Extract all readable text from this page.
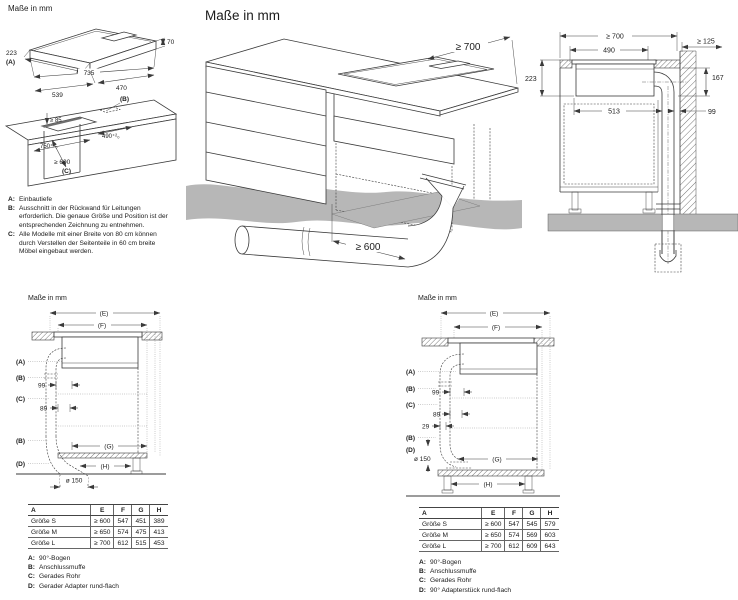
Maße in mm
223
(A)
70
735
539
470
(B)
≥ 85
490⁺²₀
750⁺²₀
≥ 600
(C)
A: Einbautiefe
B: Ausschnitt in der Rückwand für Leitungen erforderlich. Die genaue Größe und Position ist der entsprechenden Zeichnung zu entnehmen.
C: Alle Modelle mit einer Breite von 80 cm können durch Verstellen der Seitenteile in 60 cm breite Möbel eingebaut werden.
Maße in mm
≥ 700
≥ 600
≥ 700
490
≥ 125
223	167
513	99
Maße in mm
(E)
(F)
(A)
(B)
99
(C)
89
(B)
(D)
(G)
(H)
ø 150
A	E	F	G	H
Größe S	≥ 600	547	451	389
Größe M	≥ 650	574	475	413
Größe L	≥ 700	612	515	453
A: 90°-Bogen
B: Anschlussmuffe
C: Gerades Rohr
D: Gerader Adapter rund-flach
Maße in mm
(E)
(F)
(A)
(B)	99
(C)
89
29
(B)
(D)
ø 150	(G)
(H)
A	E	F	G	H
Größe S	≥ 600	547	545	579
Größe M	≥ 650	574	569	603
Größe L	≥ 700	612	609	643
A: 90°-Bogen
B: Anschlussmuffe
C: Gerades Rohr
D: 90° Adapterstück rund-flach
